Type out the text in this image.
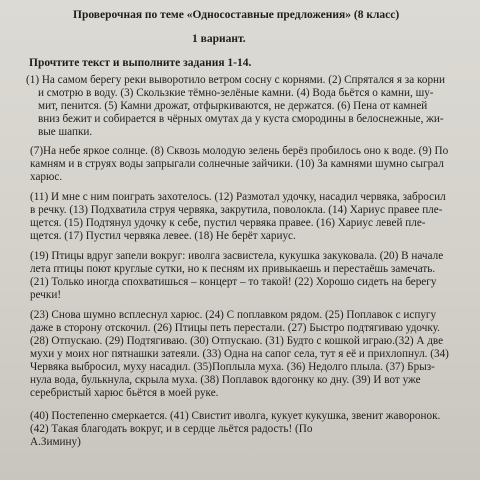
Проверочная по теме «Односоставные предложения» (8 класс)
1 вариант.
Прочтите текст и выполните задания 1-14.
(1) На самом берегу реки выворотило ветром сосну с корнями. (2) Спрятался я за корни
и смотрю в воду. (3) Скользкие тёмно-зелёные камни. (4) Вода бьётся о камни, шу-
мит, пенится. (5) Камни дрожат, отфыркиваются, не держатся. (6) Пена от камней
вниз бежит и собирается в чёрных омутах да у куста смородины в белоснежные, жи-
вые шапки.
(7)На небе яркое солнце. (8) Сквозь молодую зелень берёз пробилось оно к воде. (9) По
камням и в струях воды запрыгали солнечные зайчики. (10) За камнями шумно сыграл
харюс.
(11) И мне с ним поиграть захотелось. (12) Размотал удочку, насадил червяка, забросил
в речку. (13) Подхватила струя червяка, закрутила, поволокла. (14) Хариус правее пле-
щется. (15) Подтянул удочку к себе, пустил червяка правее. (16) Хариус левей пле-
щется. (17) Пустил червяка левее. (18) Не берёт хариус.
(19) Птицы вдруг запели вокруг: иволга засвистела, кукушка закуковала. (20) В начале
лета птицы поют круглые сутки, но к песням их привыкаешь и перестаёшь замечать.
(21) Только иногда спохватишься – концерт – то такой! (22) Хорошо сидеть на берегу
речки!
(23) Снова шумно всплеснул харюс. (24) С поплавком рядом. (25) Поплавок с испугу
даже в сторону отскочил. (26) Птицы петь перестали. (27) Быстро подтягиваю удочку.
(28) Отпускаю. (29) Подтягиваю. (30) Отпускаю. (31) Будто с кошкой играю.(32) А две
мухи у моих ног пятнашки затеяли. (33) Одна на сапог села, тут я её и прихлопнул. (34)
Червяка выбросил, муху насадил. (35)Поплыла муха. (36) Недолго плыла. (37) Брыз-
нула вода, булькнула, скрыла муха. (38) Поплавок вдогонку ко дну. (39) И вот уже
серебристый харюс бьётся в моей руке.
(40) Постепенно смеркается. (41) Свистит иволга, кукует кукушка, звенит жаворонок.
(42) Такая благодать вокруг, и в сердце льётся радость! (По
А.Зимину)
